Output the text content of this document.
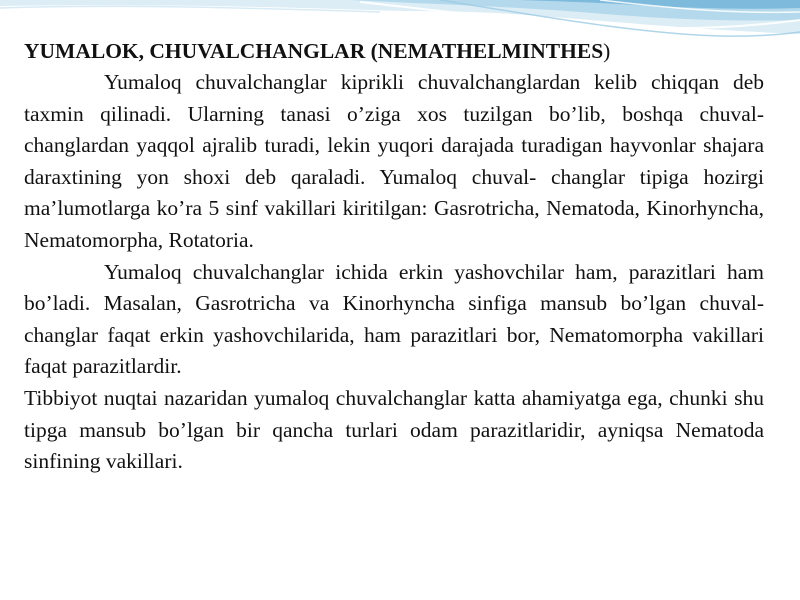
YUMALOK, CHUVALCHANGLAR (NEMATHELMINTHES)

Yumaloq chuvalchanglar kiprikli chuvalchanglardan kelib chiqqan deb taxmin qilinadi. Ularning tanasi o’ziga xos tuzilgan bo’lib, boshqa chuval- changlardan yaqqol ajralib turadi, lekin yuqori darajada turadigan hayvonlar shajara daraxtining yon shoxi deb qaraladi. Yumaloq chuval- changlar tipiga hozirgi ma’lumotlarga ko’ra 5 sinf vakillari kiritilgan: Gasrotricha, Nematoda, Kinorhyncha, Nematomorpha, Rotatoria.

Yumaloq chuvalchanglar ichida erkin yashovchilar ham, parazitlari ham bo’ladi. Masalan, Gasrotricha va Kinorhyncha sinfiga mansub bo’lgan chuval- changlar faqat erkin yashovchilarida, ham parazitlari bor, Nematomorpha vakillari faqat parazitlardir.

Tibbiyot nuqtai nazaridan yumaloq chuvalchanglar katta ahamiyatga ega, chunki shu tipga mansub bo’lgan bir qancha turlari odam parazitlaridir, ayniqsa Nematoda sinfining vakillari.
